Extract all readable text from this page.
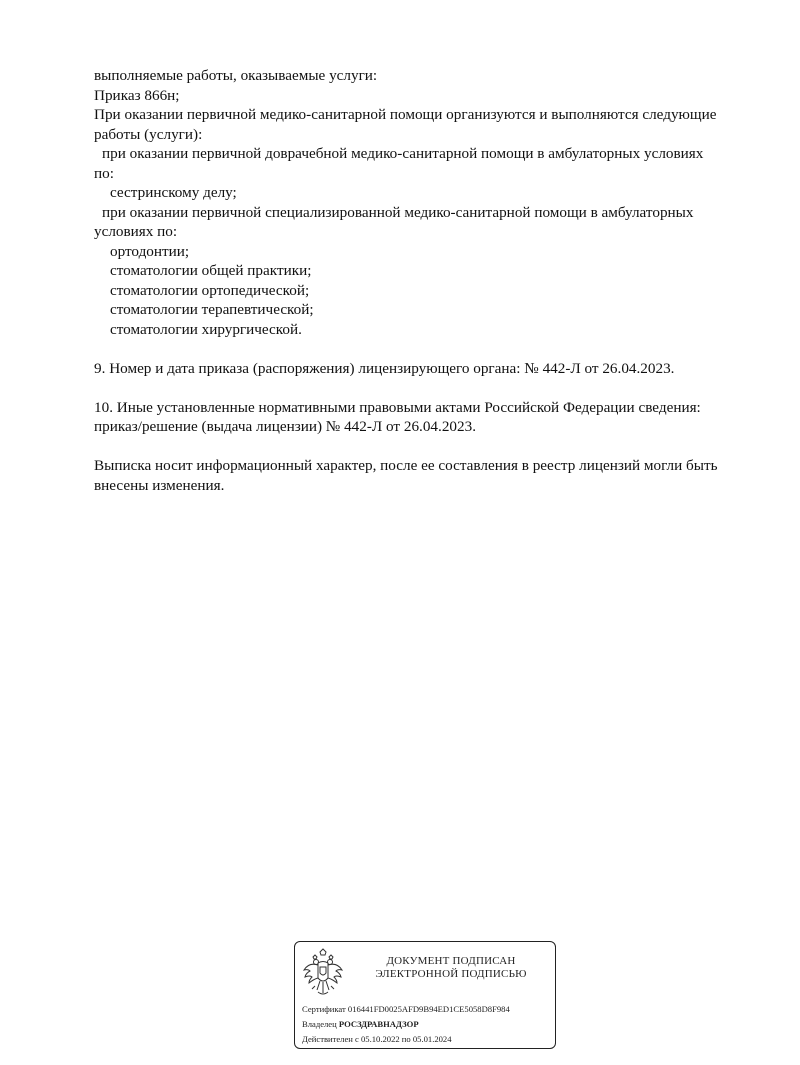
выполняемые работы, оказываемые услуги:
Приказ 866н;
При оказании первичной медико-санитарной помощи организуются и выполняются следующие
работы (услуги):
при оказании первичной доврачебной медико-санитарной помощи в амбулаторных условиях
по:
сестринскому делу;
при оказании первичной специализированной медико-санитарной помощи в амбулаторных
условиях по:
ортодонтии;
стоматологии общей практики;
стоматологии ортопедической;
стоматологии терапевтической;
стоматологии хирургической.
9. Номер и дата приказа (распоряжения) лицензирующего органа: № 442-Л от 26.04.2023.
10. Иные установленные нормативными правовыми актами Российской Федерации сведения:
приказ/решение (выдача лицензии) № 442-Л от 26.04.2023.
Выписка носит информационный характер, после ее составления в реестр лицензий могли быть
внесены изменения.
ДОКУМЕНТ ПОДПИСАН
ЭЛЕКТРОННОЙ ПОДПИСЬЮ
Сертификат 016441FD0025AFD9B94ED1CE5058D8F984
Владелец РОСЗДРАВНАДЗОР
Действителен с 05.10.2022 по 05.01.2024
